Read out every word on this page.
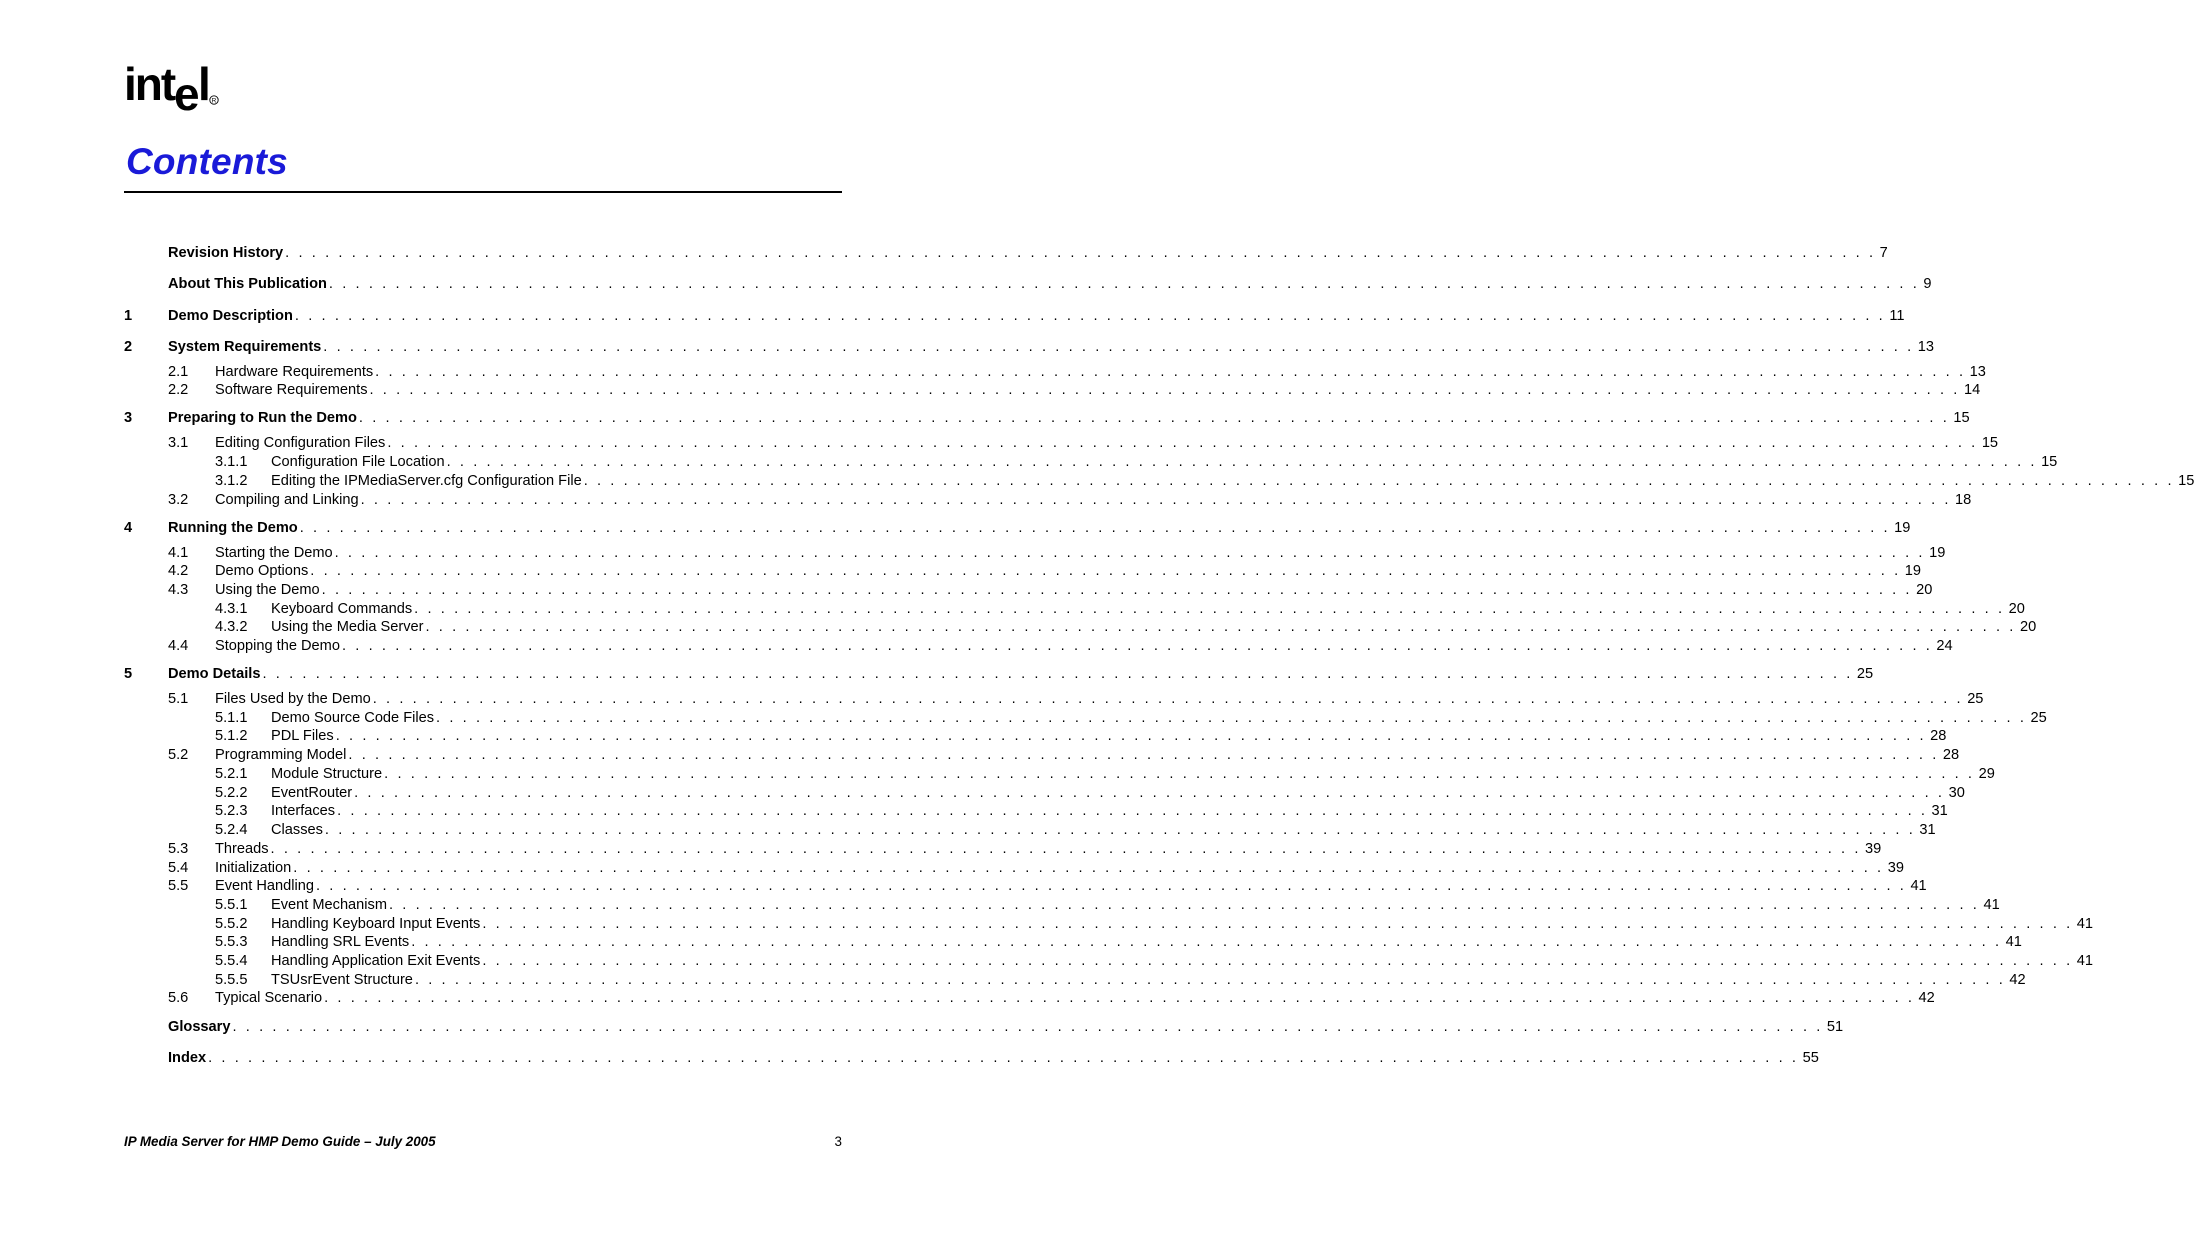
int e l R
Contents
Revision History . . . . . . . . . . . . . . . . . . . . . . . . . . . . . . . . . . . . . . . . . . . . . . . . . . . . . . . . . . . . . . . . . . . . . . . . . . . . . . . . . . . . . . . . . . . . . . . . . . . . . . . . . . . . . . . . . . . . . . . . 7
About This Publication . . . . . . . . . . . . . . . . . . . . . . . . . . . . . . . . . . . . . . . . . . . . . . . . . . . . . . . . . . . . . . . . . . . . . . . . . . . . . . . . . . . . . . . . . . . . . . . . . . . . . . . . . . . . . . . . . . . . . . . . 9
1 Demo Description . . . . . . . . . . . . . . . . . . . . . . . . . . . . . . . . . . . . . . . . . . . . . . . . . . . . . . . . . . . . . . . . . . . . . . . . . . . . . . . . . . . . . . . . . . . . . . . . . . . . . . . . . . . . . . . . . . . . . . . . 11
2 System Requirements . . . . . . . . . . . . . . . . . . . . . . . . . . . . . . . . . . . . . . . . . . . . . . . . . . . . . . . . . . . . . . . . . . . . . . . . . . . . . . . . . . . . . . . . . . . . . . . . . . . . . . . . . . . . . . . . . . . . . . . . 13
2.1 Hardware Requirements . . . . . . . . . . . . . . . . . . . . . . . . . . . . . . . . . . . . . . . . . . . . . . . . . . . . . . . . . . . . . . . . . . . . . . . . . . . . . . . . . . . . . . . . . . . . . . . . . . . . . . . . . . . . . . . . . . . . . . . . 13
2.2 Software Requirements . . . . . . . . . . . . . . . . . . . . . . . . . . . . . . . . . . . . . . . . . . . . . . . . . . . . . . . . . . . . . . . . . . . . . . . . . . . . . . . . . . . . . . . . . . . . . . . . . . . . . . . . . . . . . . . . . . . . . . . . 14
3 Preparing to Run the Demo . . . . . . . . . . . . . . . . . . . . . . . . . . . . . . . . . . . . . . . . . . . . . . . . . . . . . . . . . . . . . . . . . . . . . . . . . . . . . . . . . . . . . . . . . . . . . . . . . . . . . . . . . . . . . . . . . . . . . . . . 15
3.1 Editing Configuration Files . . . . . . . . . . . . . . . . . . . . . . . . . . . . . . . . . . . . . . . . . . . . . . . . . . . . . . . . . . . . . . . . . . . . . . . . . . . . . . . . . . . . . . . . . . . . . . . . . . . . . . . . . . . . . . . . . . . . . . . . 15
3.1.1 Configuration File Location . . . . . . . . . . . . . . . . . . . . . . . . . . . . . . . . . . . . . . . . . . . . . . . . . . . . . . . . . . . . . . . . . . . . . . . . . . . . . . . . . . . . . . . . . . . . . . . . . . . . . . . . . . . . . . . . . . . . . . . . 15
3.1.2 Editing the IPMediaServer.cfg Configuration File . . . . . . . . . . . . . . . . . . . . . . . . . . . . . . . . . . . . . . . . . . . . . . . . . . . . . . . . . . . . . . . . . . . . . . . . . . . . . . . . . . . . . . . . . . . . . . . . . . . . . . . . . . . . . . . . . . . . . . . . 15
3.2 Compiling and Linking . . . . . . . . . . . . . . . . . . . . . . . . . . . . . . . . . . . . . . . . . . . . . . . . . . . . . . . . . . . . . . . . . . . . . . . . . . . . . . . . . . . . . . . . . . . . . . . . . . . . . . . . . . . . . . . . . . . . . . . . 18
4 Running the Demo . . . . . . . . . . . . . . . . . . . . . . . . . . . . . . . . . . . . . . . . . . . . . . . . . . . . . . . . . . . . . . . . . . . . . . . . . . . . . . . . . . . . . . . . . . . . . . . . . . . . . . . . . . . . . . . . . . . . . . . . 19
4.1 Starting the Demo . . . . . . . . . . . . . . . . . . . . . . . . . . . . . . . . . . . . . . . . . . . . . . . . . . . . . . . . . . . . . . . . . . . . . . . . . . . . . . . . . . . . . . . . . . . . . . . . . . . . . . . . . . . . . . . . . . . . . . . . 19
4.2 Demo Options . . . . . . . . . . . . . . . . . . . . . . . . . . . . . . . . . . . . . . . . . . . . . . . . . . . . . . . . . . . . . . . . . . . . . . . . . . . . . . . . . . . . . . . . . . . . . . . . . . . . . . . . . . . . . . . . . . . . . . . . 19
4.3 Using the Demo . . . . . . . . . . . . . . . . . . . . . . . . . . . . . . . . . . . . . . . . . . . . . . . . . . . . . . . . . . . . . . . . . . . . . . . . . . . . . . . . . . . . . . . . . . . . . . . . . . . . . . . . . . . . . . . . . . . . . . . . 20
4.3.1 Keyboard Commands . . . . . . . . . . . . . . . . . . . . . . . . . . . . . . . . . . . . . . . . . . . . . . . . . . . . . . . . . . . . . . . . . . . . . . . . . . . . . . . . . . . . . . . . . . . . . . . . . . . . . . . . . . . . . . . . . . . . . . . . 20
4.3.2 Using the Media Server . . . . . . . . . . . . . . . . . . . . . . . . . . . . . . . . . . . . . . . . . . . . . . . . . . . . . . . . . . . . . . . . . . . . . . . . . . . . . . . . . . . . . . . . . . . . . . . . . . . . . . . . . . . . . . . . . . . . . . . . 20
4.4 Stopping the Demo . . . . . . . . . . . . . . . . . . . . . . . . . . . . . . . . . . . . . . . . . . . . . . . . . . . . . . . . . . . . . . . . . . . . . . . . . . . . . . . . . . . . . . . . . . . . . . . . . . . . . . . . . . . . . . . . . . . . . . . . 24
5 Demo Details . . . . . . . . . . . . . . . . . . . . . . . . . . . . . . . . . . . . . . . . . . . . . . . . . . . . . . . . . . . . . . . . . . . . . . . . . . . . . . . . . . . . . . . . . . . . . . . . . . . . . . . . . . . . . . . . . . . . . . . . 25
5.1 Files Used by the Demo . . . . . . . . . . . . . . . . . . . . . . . . . . . . . . . . . . . . . . . . . . . . . . . . . . . . . . . . . . . . . . . . . . . . . . . . . . . . . . . . . . . . . . . . . . . . . . . . . . . . . . . . . . . . . . . . . . . . . . . . 25
5.1.1 Demo Source Code Files . . . . . . . . . . . . . . . . . . . . . . . . . . . . . . . . . . . . . . . . . . . . . . . . . . . . . . . . . . . . . . . . . . . . . . . . . . . . . . . . . . . . . . . . . . . . . . . . . . . . . . . . . . . . . . . . . . . . . . . . 25
5.1.2 PDL Files . . . . . . . . . . . . . . . . . . . . . . . . . . . . . . . . . . . . . . . . . . . . . . . . . . . . . . . . . . . . . . . . . . . . . . . . . . . . . . . . . . . . . . . . . . . . . . . . . . . . . . . . . . . . . . . . . . . . . . . . 28
5.2 Programming Model . . . . . . . . . . . . . . . . . . . . . . . . . . . . . . . . . . . . . . . . . . . . . . . . . . . . . . . . . . . . . . . . . . . . . . . . . . . . . . . . . . . . . . . . . . . . . . . . . . . . . . . . . . . . . . . . . . . . . . . . 28
5.2.1 Module Structure . . . . . . . . . . . . . . . . . . . . . . . . . . . . . . . . . . . . . . . . . . . . . . . . . . . . . . . . . . . . . . . . . . . . . . . . . . . . . . . . . . . . . . . . . . . . . . . . . . . . . . . . . . . . . . . . . . . . . . . . 29
5.2.2 EventRouter . . . . . . . . . . . . . . . . . . . . . . . . . . . . . . . . . . . . . . . . . . . . . . . . . . . . . . . . . . . . . . . . . . . . . . . . . . . . . . . . . . . . . . . . . . . . . . . . . . . . . . . . . . . . . . . . . . . . . . . . 30
5.2.3 Interfaces . . . . . . . . . . . . . . . . . . . . . . . . . . . . . . . . . . . . . . . . . . . . . . . . . . . . . . . . . . . . . . . . . . . . . . . . . . . . . . . . . . . . . . . . . . . . . . . . . . . . . . . . . . . . . . . . . . . . . . . . 31
5.2.4 Classes . . . . . . . . . . . . . . . . . . . . . . . . . . . . . . . . . . . . . . . . . . . . . . . . . . . . . . . . . . . . . . . . . . . . . . . . . . . . . . . . . . . . . . . . . . . . . . . . . . . . . . . . . . . . . . . . . . . . . . . . 31
5.3 Threads . . . . . . . . . . . . . . . . . . . . . . . . . . . . . . . . . . . . . . . . . . . . . . . . . . . . . . . . . . . . . . . . . . . . . . . . . . . . . . . . . . . . . . . . . . . . . . . . . . . . . . . . . . . . . . . . . . . . . . . . 39
5.4 Initialization . . . . . . . . . . . . . . . . . . . . . . . . . . . . . . . . . . . . . . . . . . . . . . . . . . . . . . . . . . . . . . . . . . . . . . . . . . . . . . . . . . . . . . . . . . . . . . . . . . . . . . . . . . . . . . . . . . . . . . . . 39
5.5 Event Handling . . . . . . . . . . . . . . . . . . . . . . . . . . . . . . . . . . . . . . . . . . . . . . . . . . . . . . . . . . . . . . . . . . . . . . . . . . . . . . . . . . . . . . . . . . . . . . . . . . . . . . . . . . . . . . . . . . . . . . . . 41
5.5.1 Event Mechanism . . . . . . . . . . . . . . . . . . . . . . . . . . . . . . . . . . . . . . . . . . . . . . . . . . . . . . . . . . . . . . . . . . . . . . . . . . . . . . . . . . . . . . . . . . . . . . . . . . . . . . . . . . . . . . . . . . . . . . . . 41
5.5.2 Handling Keyboard Input Events . . . . . . . . . . . . . . . . . . . . . . . . . . . . . . . . . . . . . . . . . . . . . . . . . . . . . . . . . . . . . . . . . . . . . . . . . . . . . . . . . . . . . . . . . . . . . . . . . . . . . . . . . . . . . . . . . . . . . . . . 41
5.5.3 Handling SRL Events . . . . . . . . . . . . . . . . . . . . . . . . . . . . . . . . . . . . . . . . . . . . . . . . . . . . . . . . . . . . . . . . . . . . . . . . . . . . . . . . . . . . . . . . . . . . . . . . . . . . . . . . . . . . . . . . . . . . . . . . 41
5.5.4 Handling Application Exit Events . . . . . . . . . . . . . . . . . . . . . . . . . . . . . . . . . . . . . . . . . . . . . . . . . . . . . . . . . . . . . . . . . . . . . . . . . . . . . . . . . . . . . . . . . . . . . . . . . . . . . . . . . . . . . . . . . . . . . . . . 41
5.5.5 TSUsrEvent Structure . . . . . . . . . . . . . . . . . . . . . . . . . . . . . . . . . . . . . . . . . . . . . . . . . . . . . . . . . . . . . . . . . . . . . . . . . . . . . . . . . . . . . . . . . . . . . . . . . . . . . . . . . . . . . . . . . . . . . . . . 42
5.6 Typical Scenario . . . . . . . . . . . . . . . . . . . . . . . . . . . . . . . . . . . . . . . . . . . . . . . . . . . . . . . . . . . . . . . . . . . . . . . . . . . . . . . . . . . . . . . . . . . . . . . . . . . . . . . . . . . . . . . . . . . . . . . . 42
Glossary . . . . . . . . . . . . . . . . . . . . . . . . . . . . . . . . . . . . . . . . . . . . . . . . . . . . . . . . . . . . . . . . . . . . . . . . . . . . . . . . . . . . . . . . . . . . . . . . . . . . . . . . . . . . . . . . . . . . . . . . 51
Index . . . . . . . . . . . . . . . . . . . . . . . . . . . . . . . . . . . . . . . . . . . . . . . . . . . . . . . . . . . . . . . . . . . . . . . . . . . . . . . . . . . . . . . . . . . . . . . . . . . . . . . . . . . . . . . . . . . . . . . . 55
IP Media Server for HMP Demo Guide – July 2005	3
